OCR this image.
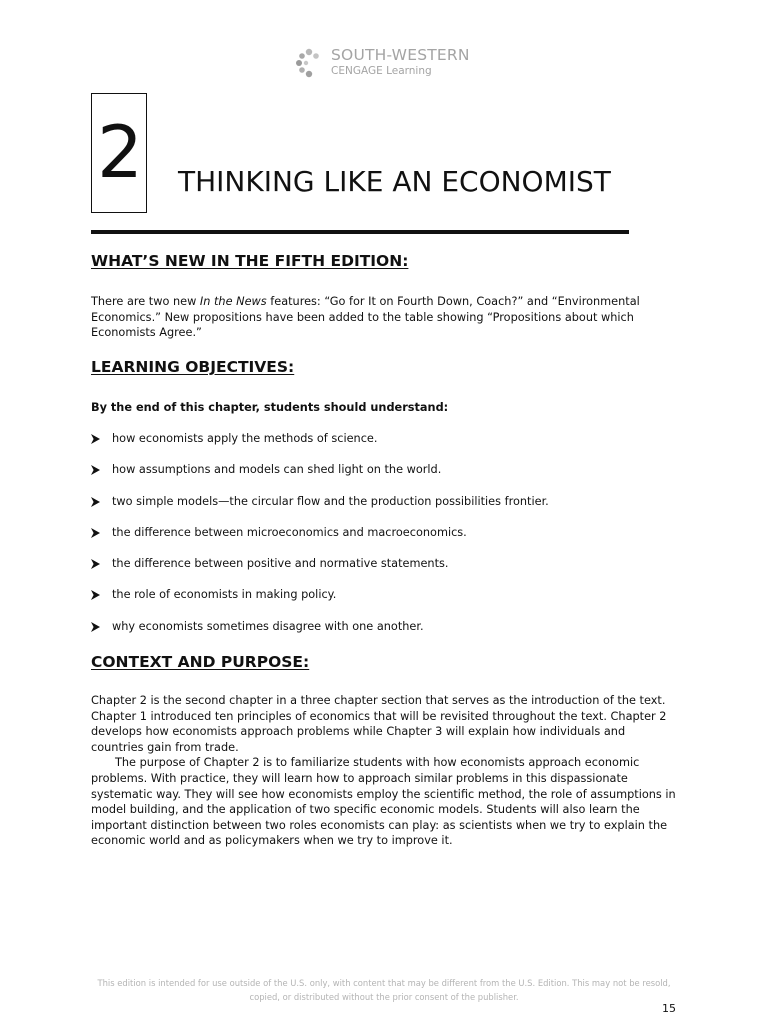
SOUTH-WESTERN
CENGAGE Learning
2 THINKING LIKE AN ECONOMIST
WHAT’S NEW IN THE FIFTH EDITION:

There are two new In the News features: “Go for It on Fourth Down, Coach?” and “Environmental Economics.” New propositions have been added to the table showing “Propositions about which Economists Agree.”

LEARNING OBJECTIVES:
By the end of this chapter, students should understand:
how economists apply the methods of science.
how assumptions and models can shed light on the world.
two simple models—the circular flow and the production possibilities frontier.
the difference between microeconomics and macroeconomics.
the difference between positive and normative statements.
the role of economists in making policy.
why economists sometimes disagree with one another.
CONTEXT AND PURPOSE:

Chapter 2 is the second chapter in a three chapter section that serves as the introduction of the text. Chapter 1 introduced ten principles of economics that will be revisited throughout the text. Chapter 2 develops how economists approach problems while Chapter 3 will explain how individuals and countries gain from trade.

The purpose of Chapter 2 is to familiarize students with how economists approach economic problems. With practice, they will learn how to approach similar problems in this dispassionate systematic way. They will see how economists employ the scientific method, the role of assumptions in model building, and the application of two specific economic models. Students will also learn the important distinction between two roles economists can play: as scientists when we try to explain the economic world and as policymakers when we try to improve it.

This edition is intended for use outside of the U.S. only, with content that may be different from the U.S. Edition. This may not be resold, copied, or distributed without the prior consent of the publisher.
15
